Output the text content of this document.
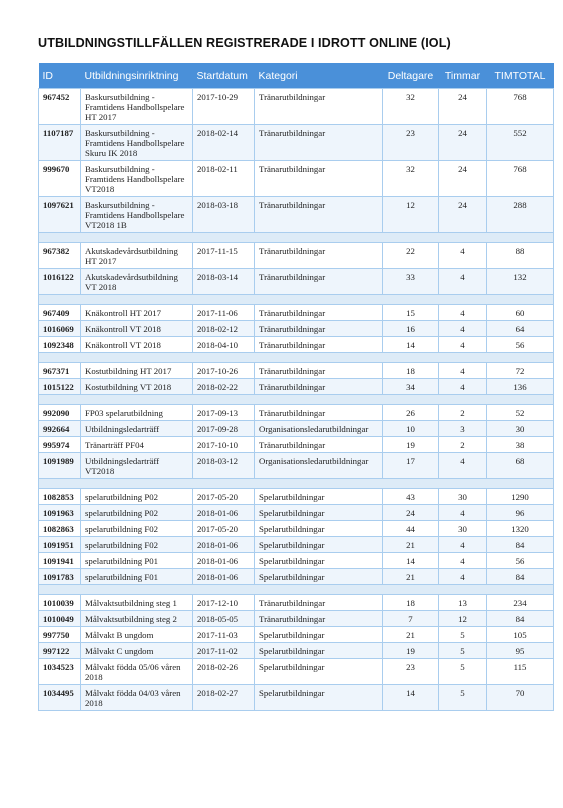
UTBILDNINGSTILLFÄLLEN REGISTRERADE I IDROTT ONLINE (IOL)
ID	Utbildningsinriktning	Startdatum	Kategori	Deltagare	Timmar	TIMTOTAL
967452	Baskursutbildning - Framtidens Handbollspelare HT 2017	2017-10-29	Tränarutbildningar	32	24	768
1107187	Baskursutbildning - Framtidens Handbollspelare Skuru IK 2018	2018-02-14	Tränarutbildningar	23	24	552
999670	Baskursutbildning - Framtidens Handbollspelare VT2018	2018-02-11	Tränarutbildningar	32	24	768
1097621	Baskursutbildning - Framtidens Handbollspelare VT2018 1B	2018-03-18	Tränarutbildningar	12	24	288

967382	Akutskadevårdsutbildning HT 2017	2017-11-15	Tränarutbildningar	22	4	88
1016122	Akutskadevårdsutbildning VT 2018	2018-03-14	Tränarutbildningar	33	4	132

967409	Knäkontroll HT 2017	2017-11-06	Tränarutbildningar	15	4	60
1016069	Knäkontroll VT 2018	2018-02-12	Tränarutbildningar	16	4	64
1092348	Knäkontroll VT 2018	2018-04-10	Tränarutbildningar	14	4	56

967371	Kostutbildning HT 2017	2017-10-26	Tränarutbildningar	18	4	72
1015122	Kostutbildning VT 2018	2018-02-22	Tränarutbildningar	34	4	136

992090	FP03 spelarutbildning	2017-09-13	Tränarutbildningar	26	2	52
992664	Utbildningsledarträff	2017-09-28	Organisationsledarutbildningar	10	3	30
995974	Tränarträff PF04	2017-10-10	Tränarutbildningar	19	2	38
1091989	Utbildningsledarträff VT2018	2018-03-12	Organisationsledarutbildningar	17	4	68

1082853	spelarutbildning P02	2017-05-20	Spelarutbildningar	43	30	1290
1091963	spelarutbildning P02	2018-01-06	Spelarutbildningar	24	4	96
1082863	spelarutbildning F02	2017-05-20	Spelarutbildningar	44	30	1320
1091951	spelarutbildning F02	2018-01-06	Spelarutbildningar	21	4	84
1091941	spelarutbildning P01	2018-01-06	Spelarutbildningar	14	4	56
1091783	spelarutbildning F01	2018-01-06	Spelarutbildningar	21	4	84

1010039	Målvaktsutbildning steg 1	2017-12-10	Tränarutbildningar	18	13	234
1010049	Målvaktsutbildning steg 2	2018-05-05	Tränarutbildningar	7	12	84
997750	Målvakt B ungdom	2017-11-03	Spelarutbildningar	21	5	105
997122	Målvakt C ungdom	2017-11-02	Spelarutbildningar	19	5	95
1034523	Målvakt födda 05/06 våren 2018	2018-02-26	Spelarutbildningar	23	5	115
1034495	Målvakt födda 04/03 våren 2018	2018-02-27	Spelarutbildningar	14	5	70
